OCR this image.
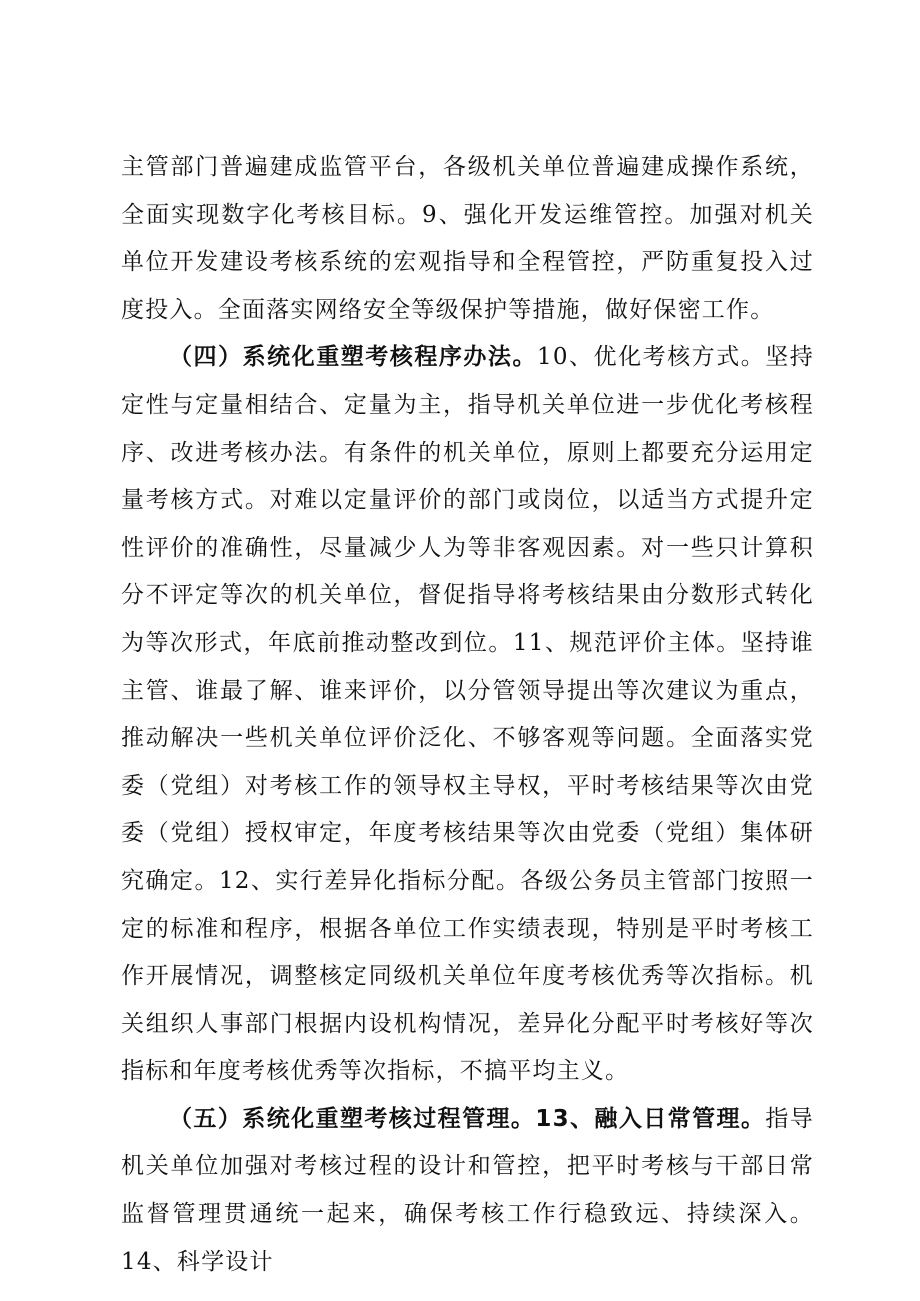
主管部门普遍建成监管平台，各级机关单位普遍建成操作系统，全面实现数字化考核目标。9、强化开发运维管控。加强对机关单位开发建设考核系统的宏观指导和全程管控，严防重复投入过度投入。全面落实网络安全等级保护等措施，做好保密工作。

（四）系统化重塑考核程序办法。10、优化考核方式。坚持定性与定量相结合、定量为主，指导机关单位进一步优化考核程序、改进考核办法。有条件的机关单位，原则上都要充分运用定量考核方式。对难以定量评价的部门或岗位，以适当方式提升定性评价的准确性，尽量减少人为等非客观因素。对一些只计算积分不评定等次的机关单位，督促指导将考核结果由分数形式转化为等次形式，年底前推动整改到位。11、规范评价主体。坚持谁主管、谁最了解、谁来评价，以分管领导提出等次建议为重点，推动解决一些机关单位评价泛化、不够客观等问题。全面落实党委（党组）对考核工作的领导权主导权，平时考核结果等次由党委（党组）授权审定，年度考核结果等次由党委（党组）集体研究确定。12、实行差异化指标分配。各级公务员主管部门按照一定的标准和程序，根据各单位工作实绩表现，特别是平时考核工作开展情况，调整核定同级机关单位年度考核优秀等次指标。机关组织人事部门根据内设机构情况，差异化分配平时考核好等次指标和年度考核优秀等次指标，不搞平均主义。

（五）系统化重塑考核过程管理。13、融入日常管理。指导机关单位加强对考核过程的设计和管控，把平时考核与干部日常监督管理贯通统一起来，确保考核工作行稳致远、持续深入。14、科学设计
